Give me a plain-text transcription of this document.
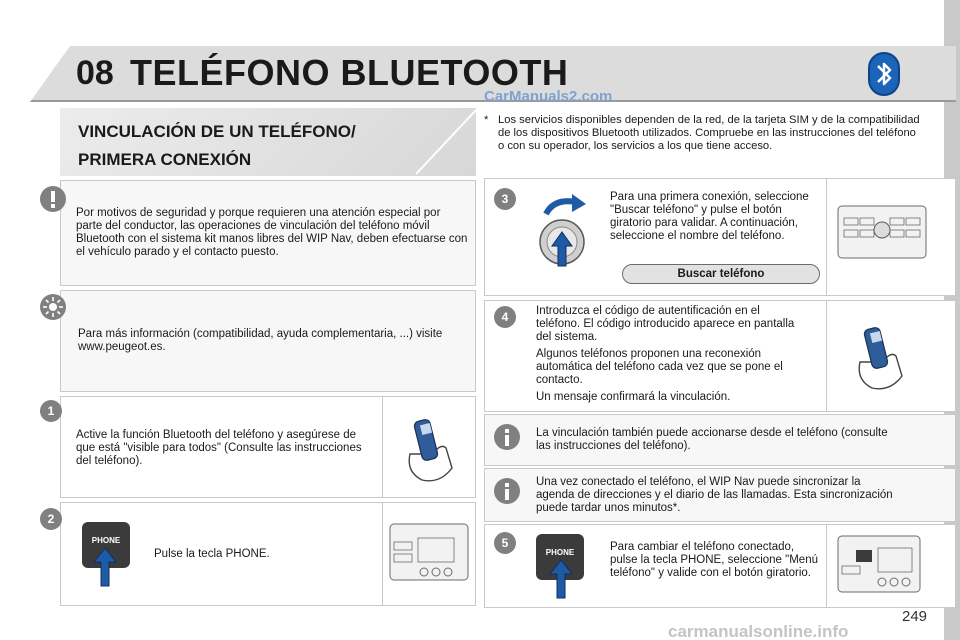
08 TELÉFONO BLUETOOTH
CarManuals2.com
VINCULACIÓN DE UN TELÉFONO/
PRIMERA CONEXIÓN
* Los servicios disponibles dependen de la red, de la tarjeta SIM y de la compatibilidad de los dispositivos Bluetooth utilizados. Compruebe en las instrucciones del teléfono o con su operador, los servicios a los que tiene acceso.
Por motivos de seguridad y porque requieren una atención especial por parte del conductor, las operaciones de vinculación del teléfono móvil Bluetooth con el sistema kit manos libres del WIP Nav, deben efectuarse con el vehículo parado y el contacto puesto.
Para más información (compatibilidad, ayuda complementaria, ...) visite www.peugeot.es.
1
Active la función Bluetooth del teléfono y asegúrese de que está "visible para todos" (Consulte las instrucciones del teléfono).
2
PHONE
Pulse la tecla PHONE.
3	Para una primera conexión, seleccione "Buscar teléfono" y pulse el botón giratorio para validar. A continuación, seleccione el nombre del teléfono.
Buscar teléfono
4	Introduzca el código de autentificación en el teléfono. El código introducido aparece en pantalla del sistema.

Algunos teléfonos proponen una reconexión automática del teléfono cada vez que se pone el contacto.

Un mensaje confirmará la vinculación.

La vinculación también puede accionarse desde el teléfono (consulte las instrucciones del teléfono).
Una vez conectado el teléfono, el WIP Nav puede sincronizar la agenda de direcciones y el diario de las llamadas. Esta sincronización puede tardar unos minutos*.
5
PHONE	Para cambiar el teléfono conectado, pulse la tecla PHONE, seleccione "Menú teléfono" y valide con el botón giratorio.
249
carmanualsonline.info
